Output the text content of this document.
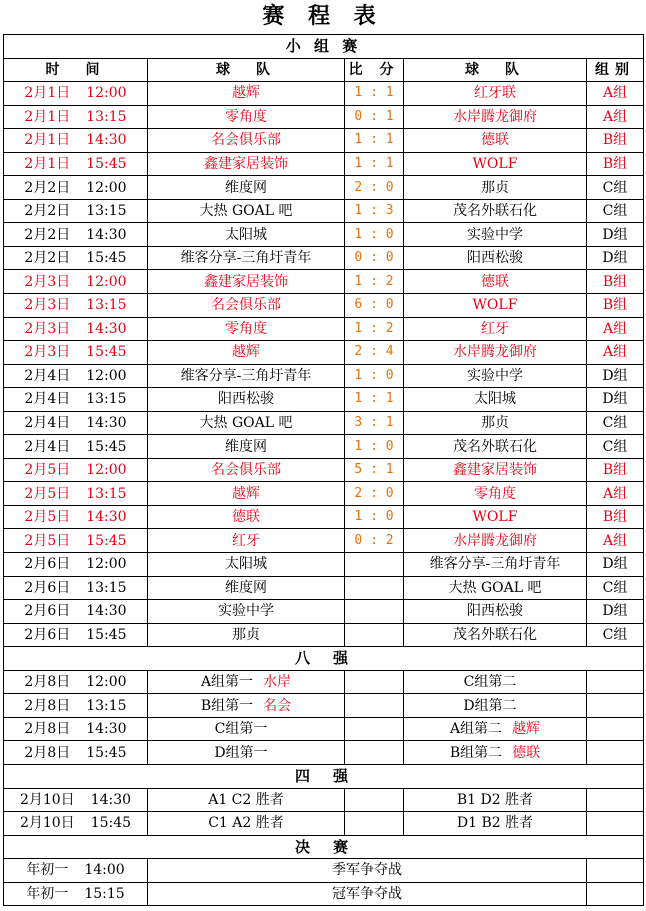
赛 程 表
小 组 赛				
时　间	球　队	比 分	球　队	组别
2月1日 12:00	越辉	1 : 1	红牙联	A组
2月1日 13:15	零角度	0 : 1	水岸腾龙御府	A组
2月1日 14:30	名会俱乐部	1 : 1	德联	B组
2月1日 15:45	鑫建家居装饰	1 : 1	WOLF	B组
2月2日 12:00	维度网	2 : 0	那贞	C组
2月2日 13:15	大热 GOAL 吧	1 : 3	茂名外联石化	C组
2月2日 14:30	太阳城	1 : 0	实验中学	D组
2月2日 15:45	维客分享-三角圩青年	0 : 0	阳西松骏	D组
2月3日 12:00	鑫建家居装饰	1 : 2	德联	B组
2月3日 13:15	名会俱乐部	6 : 0	WOLF	B组
2月3日 14:30	零角度	1 : 2	红牙	A组
2月3日 15:45	越辉	2 : 4	水岸腾龙御府	A组
2月4日 12:00	维客分享-三角圩青年	1 : 0	实验中学	D组
2月4日 13:15	阳西松骏	1 : 1	太阳城	D组
2月4日 14:30	大热 GOAL 吧	3 : 1	那贞	C组
2月4日 15:45	维度网	1 : 0	茂名外联石化	C组
2月5日 12:00	名会俱乐部	5 : 1	鑫建家居装饰	B组
2月5日 13:15	越辉	2 : 0	零角度	A组
2月5日 14:30	德联	1 : 0	WOLF	B组
2月5日 15:45	红牙	0 : 2	水岸腾龙御府	A组
2月6日 12:00	太阳城		维客分享-三角圩青年	D组
2月6日 13:15	维度网		大热 GOAL 吧	C组
2月6日 14:30	实验中学		阳西松骏	D组
2月6日 15:45	那贞		茂名外联石化	C组
八　强				
2月8日 12:00	A组第一 水岸		C组第二	
2月8日 13:15	B组第一 名会		D组第二	
2月8日 14:30	C组第一		A组第二 越辉	
2月8日 15:45	D组第一		B组第二 德联	
四　强				
2月10日 14:30	A1 C2 胜者		B1 D2 胜者	
2月10日 15:45	C1 A2 胜者		D1 B2 胜者	
决　赛				
年初一 14:00	季军争夺战			
年初一 15:15	冠军争夺战			
